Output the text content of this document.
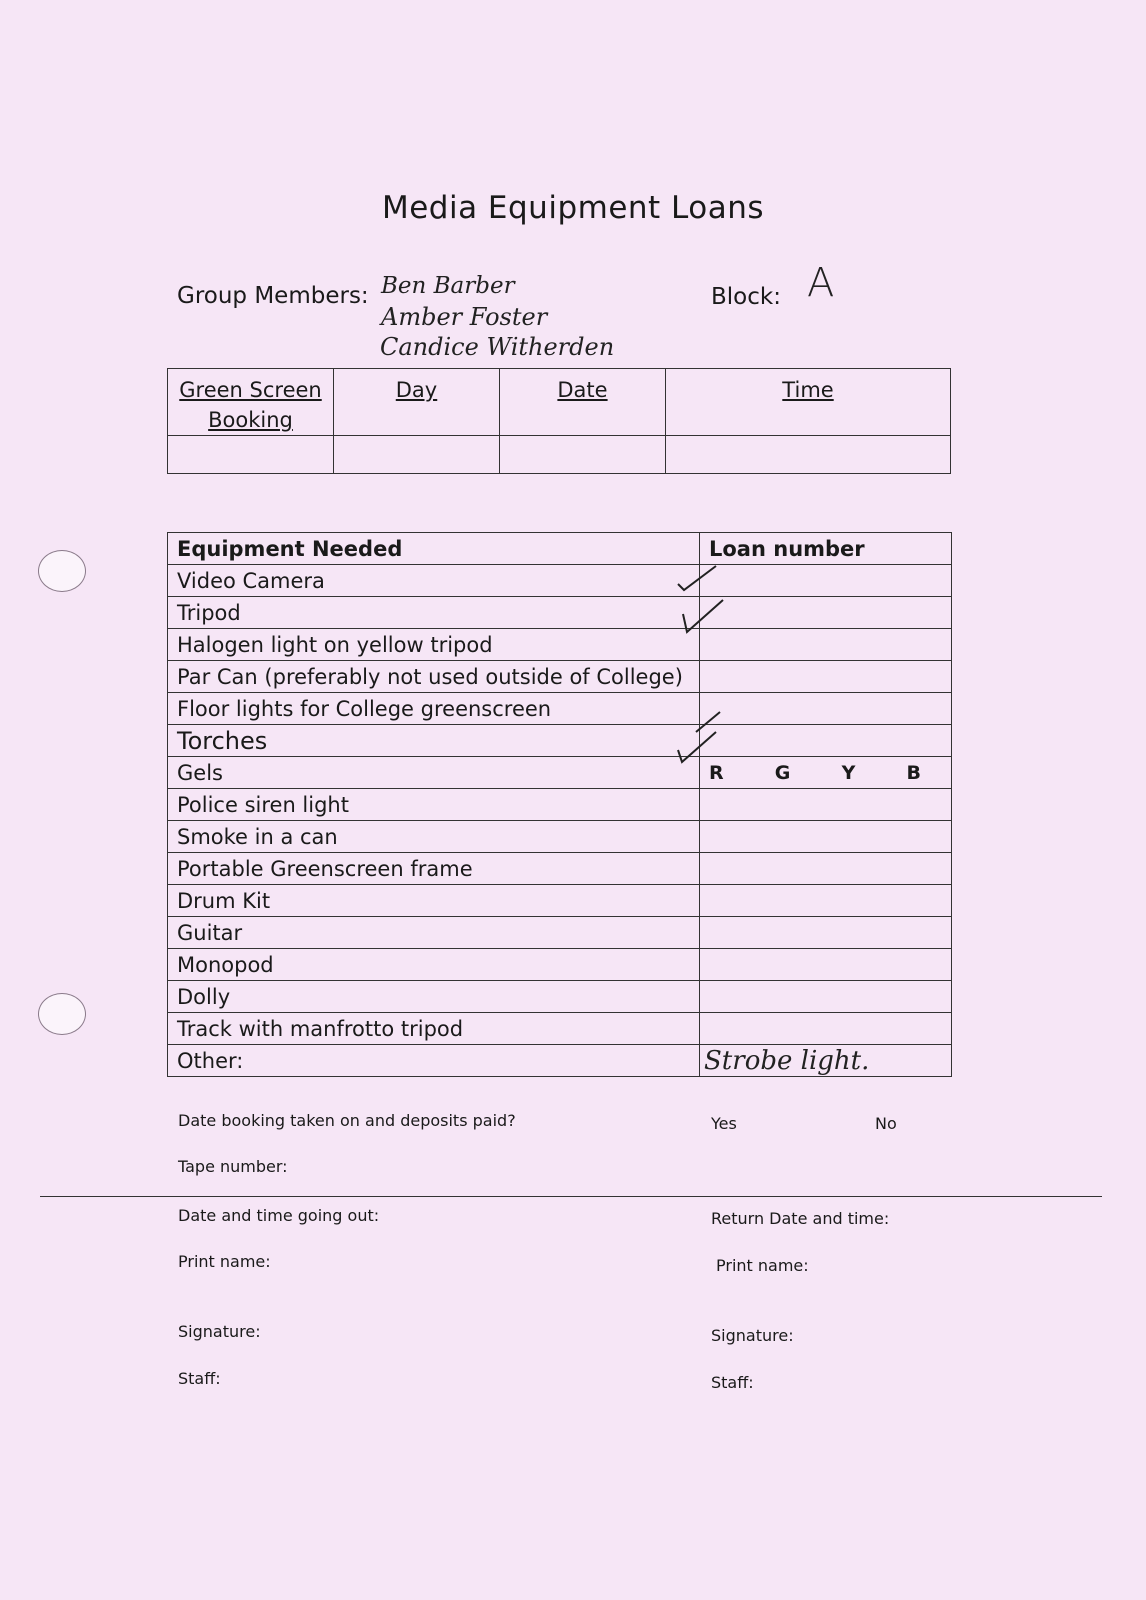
Media Equipment Loans
Group Members: Ben Barber
Amber Foster
Candice Witherden
Block: A
Green Screen Booking	Day	Date	Time

Equipment Needed	Loan number
Video Camera	
Tripod	
Halogen light on yellow tripod	
Par Can (preferably not used outside of College)	
Floor lights for College greenscreen	
Torches	
Gels	R G Y B

Police siren light	
Smoke in a can	
Portable Greenscreen frame	
Drum Kit	
Guitar	
Monopod	
Dolly	
Track with manfrotto tripod	
Other:	Strobe light.
Date booking taken on and deposits paid?	Yes	No
Tape number:
Date and time going out:	Return Date and time:
Print name:	Print name:
Signature:	Signature:
Staff:	Staff:
